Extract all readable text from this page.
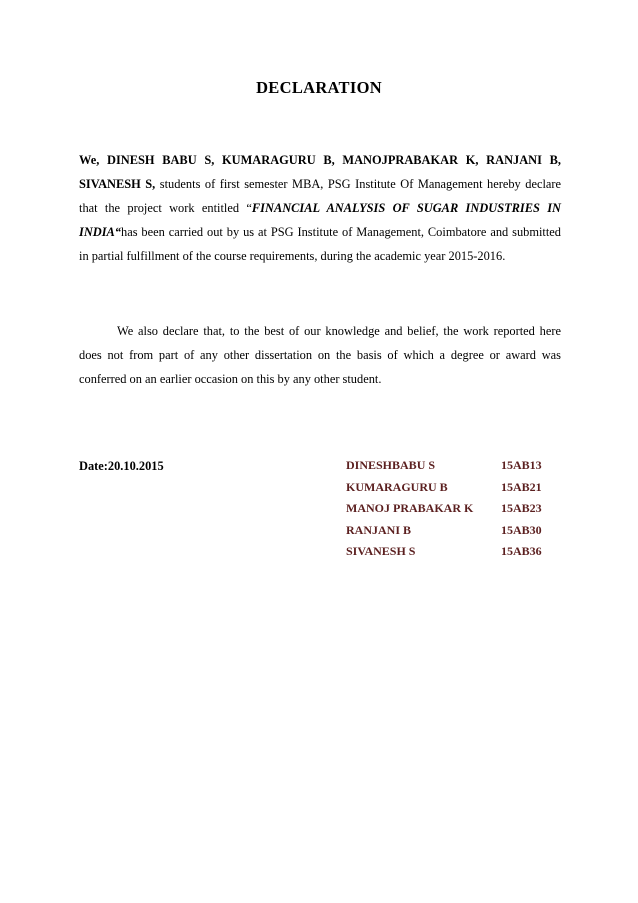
DECLARATION
We, DINESH BABU S, KUMARAGURU B, MANOJPRABAKAR K, RANJANI B, SIVANESH S, students of first semester MBA, PSG Institute Of Management hereby declare that the project work entitled “FINANCIAL ANALYSIS OF SUGAR INDUSTRIES IN INDIA“has been carried out by us at PSG Institute of Management, Coimbatore and submitted in partial fulfillment of the course requirements, during the academic year 2015-2016.
We also declare that, to the best of our knowledge and belief, the work reported here does not from part of any other dissertation on the basis of which a degree or award was conferred on an earlier occasion on this by any other student.
Date:20.10.2015	DINESHBABU S	15AB13
KUMARAGURU B	15AB21
MANOJ PRABAKAR K 15AB23
RANJANI B	15AB30
SIVANESH S	15AB36
